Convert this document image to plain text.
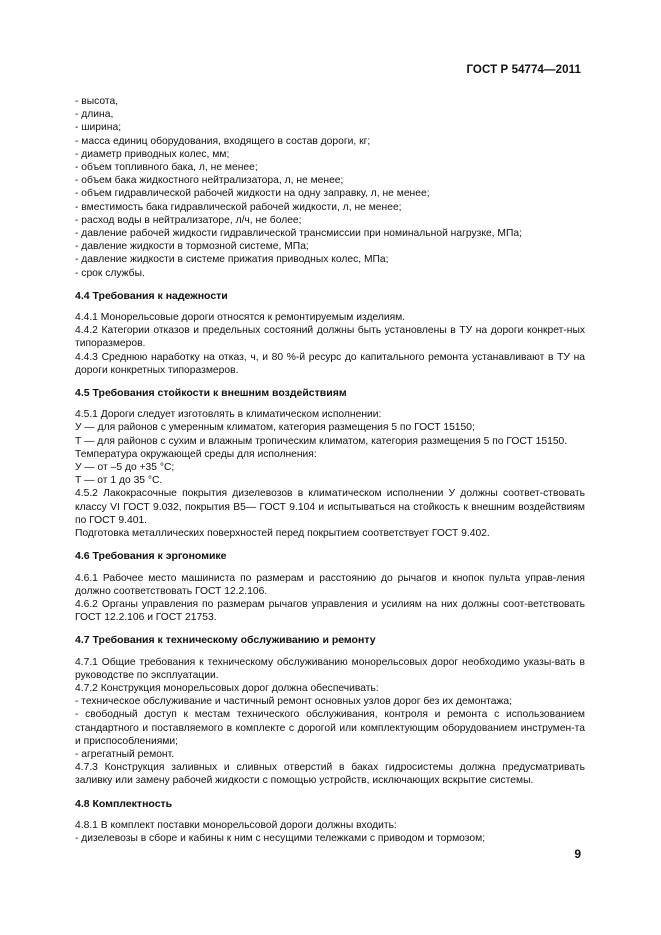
ГОСТ Р 54774—2011

- высота,

- длина,

- ширина;

- масса единиц оборудования, входящего в состав дороги, кг;

- диаметр приводных колес, мм;

- объем топливного бака, л, не менее;

- объем бака жидкостного нейтрализатора, л, не менее;

- объем гидравлической рабочей жидкости на одну заправку, л, не менее;

- вместимость бака гидравлической рабочей жидкости, л, не менее;

- расход воды в нейтрализаторе, л/ч, не более;

- давление рабочей жидкости гидравлической трансмиссии при номинальной нагрузке, МПа;

- давление жидкости в тормозной системе, МПа;

- давление жидкости в системе прижатия приводных колес, МПа;

- срок службы.

4.4 Требования к надежности

4.4.1 Монорельсовые дороги относятся к ремонтируемым изделиям.

4.4.2 Категории отказов и предельных состояний должны быть установлены в ТУ на дороги конкрет-ных типоразмеров.

4.4.3 Среднюю наработку на отказ, ч, и 80 %-й ресурс до капитального ремонта устанавливают в ТУ на дороги конкретных типоразмеров.

4.5 Требования стойкости к внешним воздействиям

4.5.1 Дороги следует изготовлять в климатическом исполнении:

У — для районов с умеренным климатом, категория размещения 5 по ГОСТ 15150;

Т — для районов с сухим и влажным тропическим климатом, категория размещения 5 по ГОСТ 15150.

Температура окружающей среды для исполнения:

У — от –5 до +35 °С;

Т — от 1 до 35 °С.

4.5.2 Лакокрасочные покрытия дизелевозов в климатическом исполнении У должны соответ-ствовать классу VI ГОСТ 9.032, покрытия В5— ГОСТ 9.104 и испытываться на стойкость к внешним воздействиям по ГОСТ 9.401.

Подготовка металлических поверхностей перед покрытием соответствует ГОСТ 9.402.

4.6 Требования к эргономике

4.6.1 Рабочее место машиниста по размерам и расстоянию до рычагов и кнопок пульта управ-ления должно соответствовать ГОСТ 12.2.106.

4.6.2 Органы управления по размерам рычагов управления и усилиям на них должны соот-ветствовать ГОСТ 12.2.106 и ГОСТ 21753.

4.7 Требования к техническому обслуживанию и ремонту

4.7.1 Общие требования к техническому обслуживанию монорельсовых дорог необходимо указы-вать в руководстве по эксплуатации.

4.7.2 Конструкция монорельсовых дорог должна обеспечивать:

- техническое обслуживание и частичный ремонт основных узлов дорог без их демонтажа;

- свободный доступ к местам технического обслуживания, контроля и ремонта с использованием стандартного и поставляемого в комплекте с дорогой или комплектующим оборудованием инструмен-та и приспособлениями;

- агрегатный ремонт.

4.7.3 Конструкция заливных и сливных отверстий в баках гидросистемы должна предусматривать заливку или замену рабочей жидкости с помощью устройств, исключающих вскрытие системы.

4.8 Комплектность

4.8.1 В комплект поставки монорельсовой дороги должны входить:

- дизелевозы в сборе и кабины к ним с несущими тележками с приводом и тормозом;

9
